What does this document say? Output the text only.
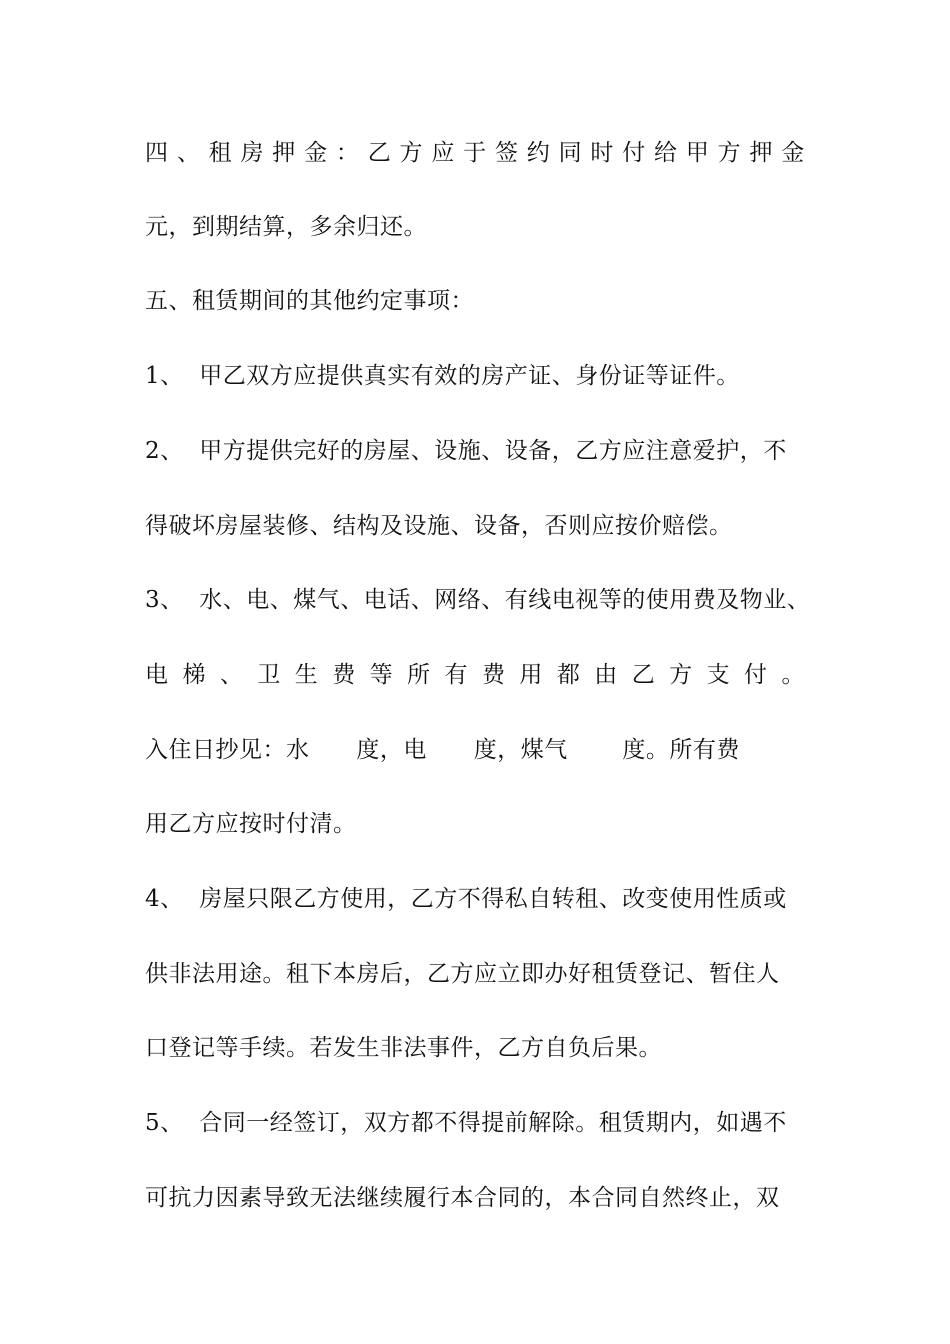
四 、 租 房 押 金 ： 乙 方 应 于 签 约 同 时 付 给 甲 方 押 金
元，到期结算，多余归还。
五、租赁期间的其他约定事项：
1、  甲乙双方应提供真实有效的房产证、身份证等证件。
2、  甲方提供完好的房屋、设施、设备，乙方应注意爱护，不
得破坏房屋装修、结构及设施、设备，否则应按价赔偿。
3、  水、电、煤气、电话、网络、有线电视等的使用费及物业、
电 梯 、 卫 生 费 等 所 有 费 用 都 由 乙 方 支 付 。
入住日抄见：水      度，电      度，煤气       度。所有费
用乙方应按时付清。
4、  房屋只限乙方使用，乙方不得私自转租、改变使用性质或
供非法用途。租下本房后，乙方应立即办好租赁登记、暂住人
口登记等手续。若发生非法事件，乙方自负后果。
5、  合同一经签订，双方都不得提前解除。租赁期内，如遇不
可抗力因素导致无法继续履行本合同的，本合同自然终止，双
